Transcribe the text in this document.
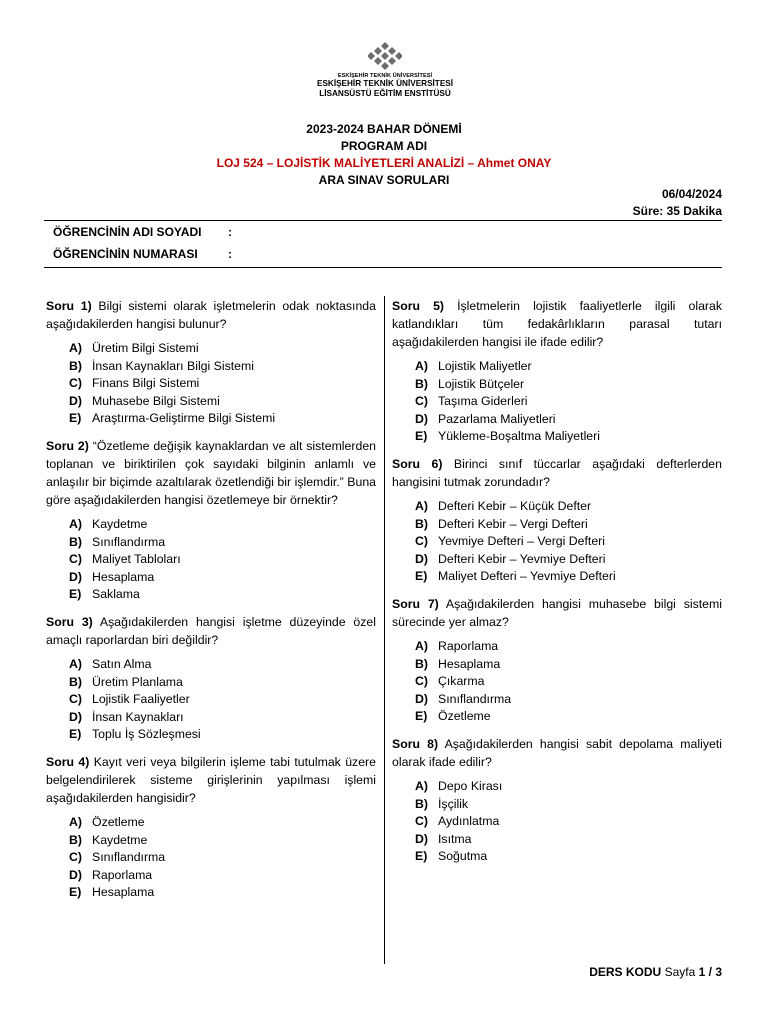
ESKİŞEHİR TEKNİK ÜNİVERSİTESİ
ESKİŞEHİR TEKNİK ÜNİVERSİTESİ
LİSANSÜSTÜ EĞİTİM ENSTİTÜSÜ
2023-2024 BAHAR DÖNEMİ
PROGRAM ADI
LOJ 524 – LOJİSTİK MALİYETLERİ ANALİZİ – Ahmet ONAY
ARA SINAV SORULARI
06/04/2024
Süre: 35 Dakika
ÖĞRENCİNİN ADI SOYADI :
ÖĞRENCİNİN NUMARASI	:

Soru 1) Bilgi sistemi olarak işletmelerin odak noktasında aşağıdakilerden hangisi bulunur?

A) Üretim Bilgi Sistemi
B) İnsan Kaynakları Bilgi Sistemi
C) Finans Bilgi Sistemi
D) Muhasebe Bilgi Sistemi
E) Araştırma-Geliştirme Bilgi Sistemi

Soru 2) “Özetleme değişik kaynaklardan ve alt sistemlerden toplanan ve biriktirilen çok sayıdaki bilginin anlamlı ve anlaşılır bir biçimde azaltılarak özetlendiği bir işlemdir.” Buna göre aşağıdakilerden hangisi özetlemeye bir örnektir?

A) Kaydetme
B) Sınıflandırma
C) Maliyet Tabloları
D) Hesaplama
E) Saklama

Soru 3) Aşağıdakilerden hangisi işletme düzeyinde özel amaçlı raporlardan biri değildir?

A) Satın Alma
B) Üretim Planlama
C) Lojistik Faaliyetler
D) İnsan Kaynakları
E) Toplu İş Sözleşmesi

Soru 4) Kayıt veri veya bilgilerin işleme tabi tutulmak üzere belgelendirilerek sisteme girişlerinin yapılması işlemi aşağıdakilerden hangisidir?

A) Özetleme
B) Kaydetme
C) Sınıflandırma
D) Raporlama
E) Hesaplama

Soru 5) İşletmelerin lojistik faaliyetlerle ilgili olarak katlandıkları tüm fedakârlıkların parasal tutarı aşağıdakilerden hangisi ile ifade edilir?

A) Lojistik Maliyetler
B) Lojistik Bütçeler
C) Taşıma Giderleri
D) Pazarlama Maliyetleri
E) Yükleme-Boşaltma Maliyetleri

Soru 6) Birinci sınıf tüccarlar aşağıdaki defterlerden hangisini tutmak zorundadır?

A) Defteri Kebir – Küçük Defter
B) Defteri Kebir – Vergi Defteri
C) Yevmiye Defteri – Vergi Defteri
D) Defteri Kebir – Yevmiye Defteri
E) Maliyet Defteri – Yevmiye Defteri

Soru 7) Aşağıdakilerden hangisi muhasebe bilgi sistemi sürecinde yer almaz?

A) Raporlama
B) Hesaplama
C) Çıkarma
D) Sınıflandırma
E) Özetleme

Soru 8) Aşağıdakilerden hangisi sabit depolama maliyeti olarak ifade edilir?

A) Depo Kirası
B) İşçilik
C) Aydınlatma
D) Isıtma
E) Soğutma
DERS KODU Sayfa 1 / 3
